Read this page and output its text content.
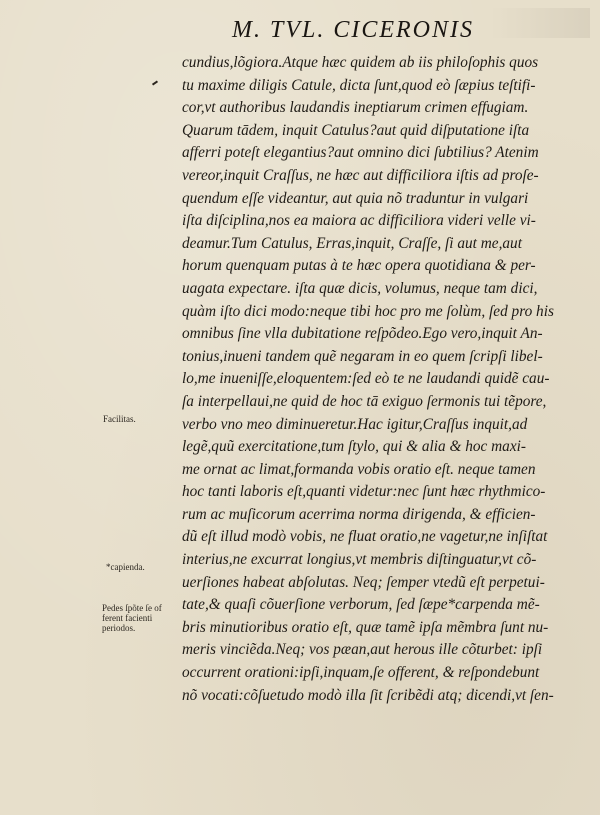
M. TVL. CICERONIS
cundius,lõgiora.Atque hæc quidem ab iis philoſophis quos
tu maxime diligis Catule, dicta ſunt,quod eò ſæpius teſtifi-
cor,vt authoribus laudandis ineptiarum crimen effugiam.
Quarum tādem, inquit Catulus?aut quid diſputatione iſta
afferri poteſt elegantius?aut omnino dici ſubtilius? Atenim
vereor,inquit Craſſus, ne hæc aut difficiliora iſtis ad proſe-
quendum eſſe videantur, aut quia nõ traduntur in vulgari
iſta diſciplina,nos ea maiora ac difficiliora videri velle vi-
deamur.Tum Catulus, Erras,inquit, Craſſe, ſi aut me,aut
horum quenquam putas à te hæc opera quotidiana & per-
uagata expectare. iſta quæ dicis, volumus, neque tam dici,
quàm iſto dici modo:neque tibi hoc pro me ſolùm, ſed pro his
omnibus ſine vlla dubitatione reſpõdeo.Ego vero,inquit An-
tonius,inueni tandem quẽ negaram in eo quem ſcripſi libel-
lo,me inueniſſe,eloquentem:ſed eò te ne laudandi quidẽ cau-
ſa interpellaui,ne quid de hoc tā exiguo ſermonis tui tẽpore,
verbo vno meo diminueretur.Hac igitur,Craſſus inquit,ad
legẽ,quũ exercitatione,tum ſtylo, qui & alia & hoc maxi-
me ornat ac limat,formanda vobis oratio eſt. neque tamen
hoc tanti laboris eſt,quanti videtur:nec ſunt hæc rhythmico-
rum ac muſicorum acerrima norma dirigenda, & efficien-
dũ eſt illud modò vobis, ne fluat oratio,ne vagetur,ne inſiſtat
interius,ne excurrat longius,vt membris diſtinguatur,vt cõ-
uerſiones habeat abſolutas. Neq; ſemper vtedũ eſt perpetui-
tate,& quaſi cõuerſione verborum, ſed ſæpe*carpenda mẽ-
bris minutioribus oratio eſt, quæ tamẽ ipſa mẽmbra ſunt nu-
meris vinciẽda.Neq; vos pæan,aut herous ille cõturbet: ipſi
occurrent orationi:ipſi,inquam,ſe offerent, & reſpondebunt
nõ vocati:cõſuetudo modò illa ſit ſcribẽdi atq; dicendi,vt ſen-
Facilitas.
*capienda.
Pedes ſpõte ſe of
ferent facienti
periodos.
